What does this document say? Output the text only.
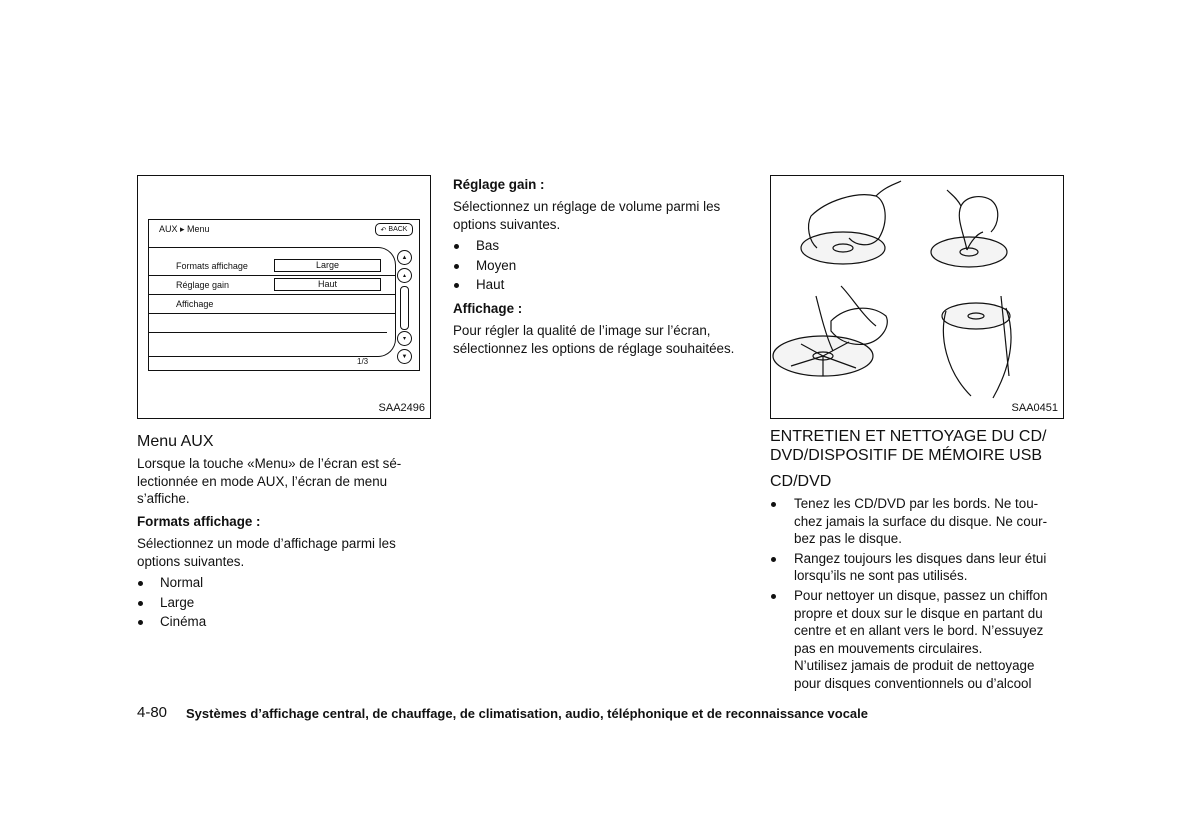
AUX ▸ Menu	↶ BACK
Formats affichage	Large
Réglage gain	Haut
Affichage
▲
▴
▾
▼
1/3
SAA2496
Menu AUX
Lorsque la touche «Menu» de l’écran est sé-
lectionnée en mode AUX, l’écran de menu
s’affiche.
Formats affichage :
Sélectionnez un mode d’affichage parmi les
options suivantes.
Normal
Large
Cinéma
Réglage gain :
Sélectionnez un réglage de volume parmi les
options suivantes.
Bas
Moyen
Haut
Affichage :
Pour régler la qualité de l’image sur l’écran,
sélectionnez les options de réglage souhaitées.
SAA0451
ENTRETIEN ET NETTOYAGE DU CD/
DVD/DISPOSITIF DE MÉMOIRE USB
CD/DVD
Tenez les CD/DVD par les bords. Ne tou-
chez jamais la surface du disque. Ne cour-
bez pas le disque.
Rangez toujours les disques dans leur étui
lorsqu’ils ne sont pas utilisés.
Pour nettoyer un disque, passez un chiffon
propre et doux sur le disque en partant du
centre et en allant vers le bord. N’essuyez
pas en mouvements circulaires.
N’utilisez jamais de produit de nettoyage
pour disques conventionnels ou d’alcool
4-80 Systèmes d’affichage central, de chauffage, de climatisation, audio, téléphonique et de reconnaissance vocale
